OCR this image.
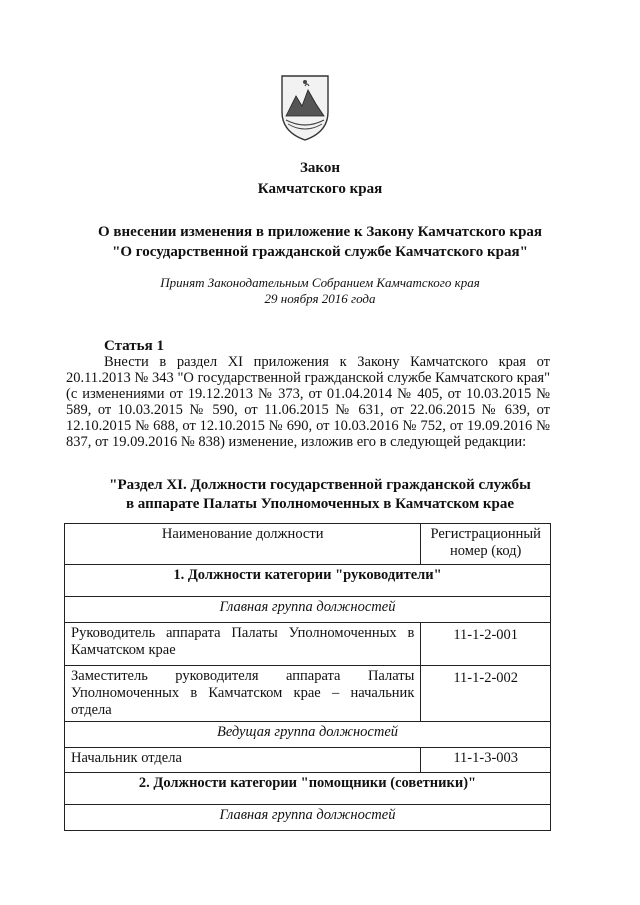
Закон
Камчатского края
О внесении изменения в приложение к Закону Камчатского края
"О государственной гражданской службе Камчатского края"
Принят Законодательным Собранием Камчатского края
29 ноября 2016 года
Статья 1
Внести в раздел XI приложения к Закону Камчатского края от 20.11.2013 № 343 "О государственной гражданской службе Камчатского края" (с изменениями от 19.12.2013 № 373, от 01.04.2014 № 405, от 10.03.2015 № 589, от 10.03.2015 № 590, от 11.06.2015 № 631, от 22.06.2015 № 639, от 12.10.2015 № 688, от 12.10.2015 № 690, от 10.03.2016 № 752, от 19.09.2016 № 837, от 19.09.2016 № 838) изменение, изложив его в следующей редакции:
"Раздел XI. Должности государственной гражданской службы
в аппарате Палаты Уполномоченных в Камчатском крае
Наименование должности	Регистрационный номер (код)
1. Должности категории "руководители"	
Главная группа должностей	
Руководитель аппарата Палаты Уполномоченных в Камчатском крае	11-1-2-001
Заместитель руководителя аппарата Палаты Уполномоченных в Камчатском крае – начальник отдела	11-1-2-002
Ведущая группа должностей	
Начальник отдела	11-1-3-003
2. Должности категории "помощники (советники)"	
Главная группа должностей	
